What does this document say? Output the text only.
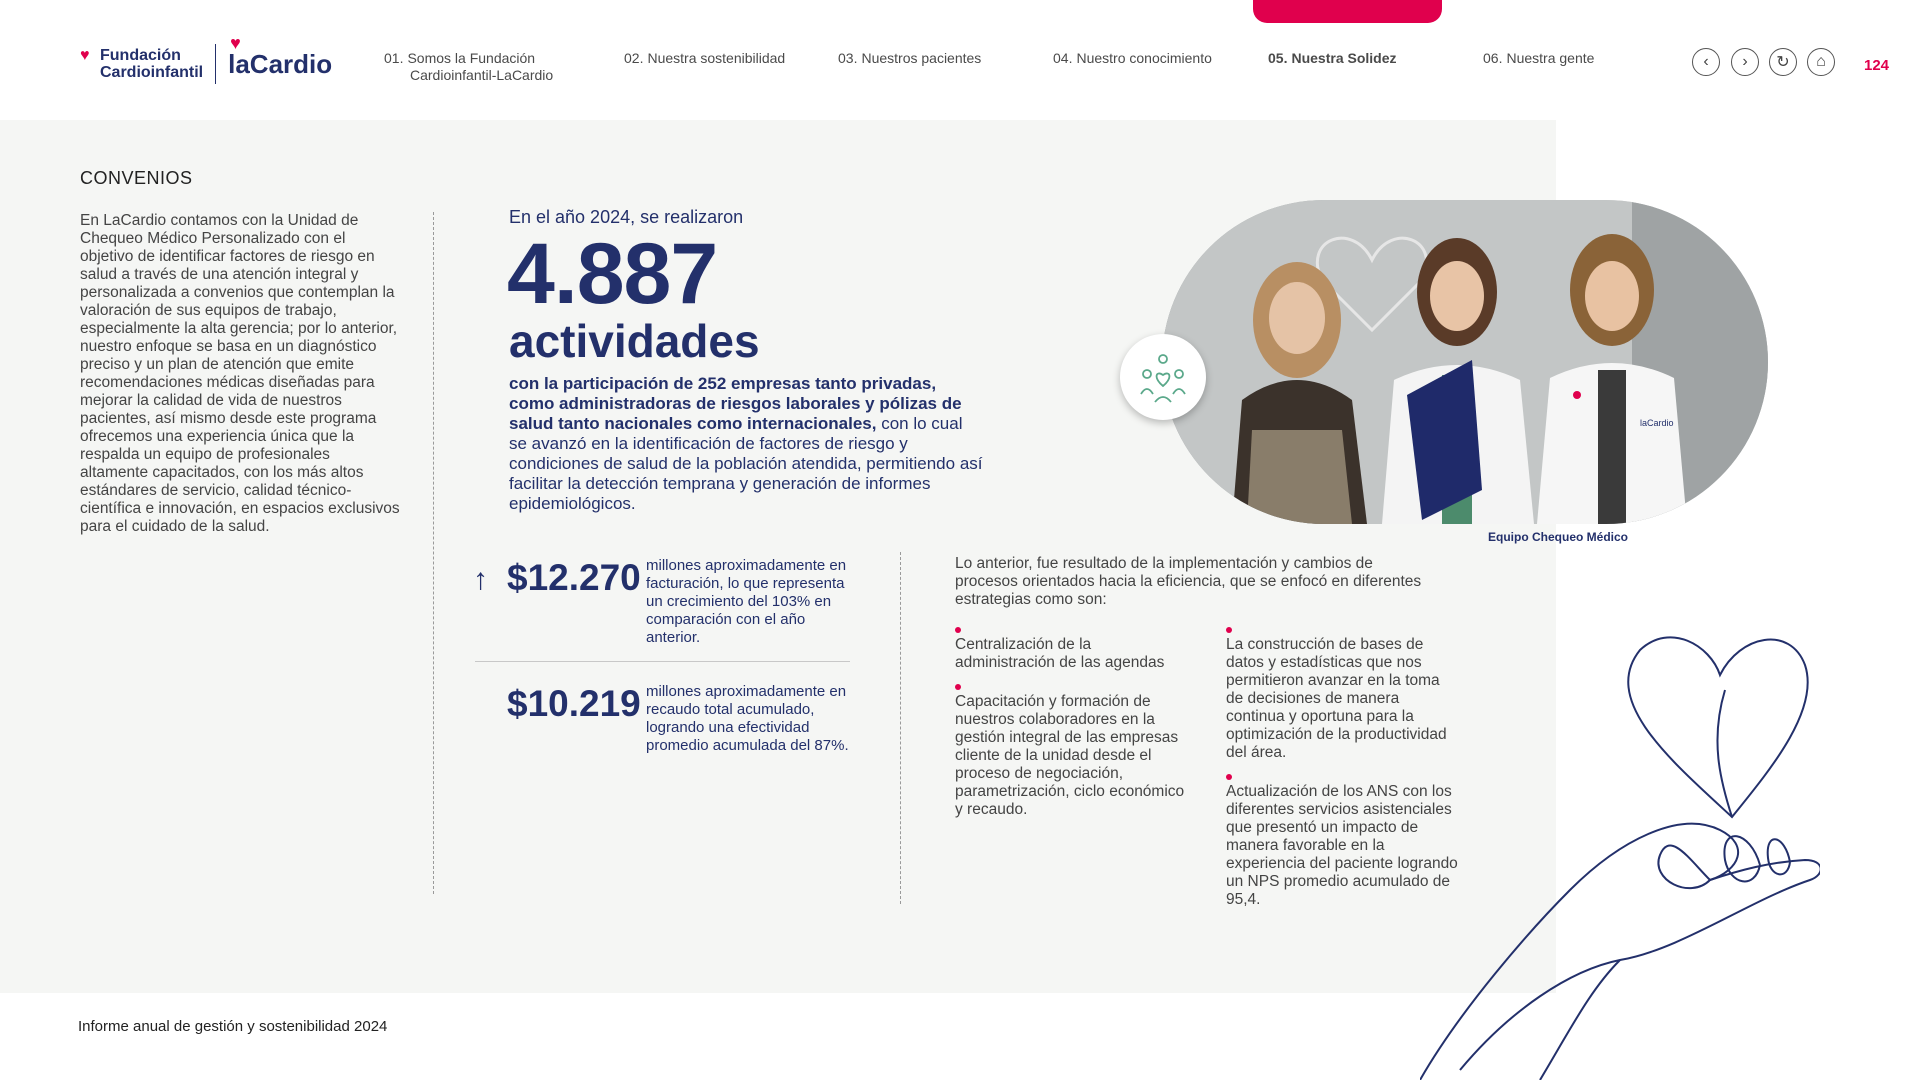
♥ Fundación
Cardioinfantil
♥
laCardio	01. Somos la Fundación
Cardioinfantil-LaCardio
02. Nuestra sostenibilidad	03. Nuestros pacientes	04. Nuestro conocimiento	05. Nuestra Solidez	06. Nuestra gente	‹	›	↻	⌂	124
CONVENIOS
En LaCardio contamos con la Unidad de Chequeo Médico Personalizado con el objetivo de identificar factores de riesgo en salud a través de una atención integral y personalizada a convenios que contemplan la valoración de sus equipos de trabajo, especialmente la alta gerencia; por lo anterior, nuestro enfoque se basa en un diagnóstico preciso y un plan de atención que emite recomendaciones médicas diseñadas para mejorar la calidad de vida de nuestros pacientes, así mismo desde este programa ofrecemos una experiencia única que la respalda un equipo de profesionales altamente capacitados, con los más altos estándares de servicio, calidad técnico-científica e innovación, en espacios exclusivos para el cuidado de la salud.
En el año 2024, se realizaron
4.887
actividades
con la participación de 252 empresas tanto privadas, como administradoras de riesgos laborales y pólizas de salud tanto nacionales como internacionales, con lo cual se avanzó en la identificación de factores de riesgo y condiciones de salud de la población atendida, permitiendo así facilitar la detección temprana y generación de informes epidemiológicos.
↑ $12.270 millones aproximadamente en facturación, lo que representa un crecimiento del 103% en comparación con el año anterior.
$10.219 millones aproximadamente en recaudo total acumulado, logrando una efectividad promedio acumulada del 87%.
Lo anterior, fue resultado de la implementación y cambios de procesos orientados hacia la eficiencia, que se enfocó en diferentes estrategias como son:
Centralización de la administración de las agendas
Capacitación y formación de nuestros colaboradores en la gestión integral de las empresas cliente de la unidad desde el proceso de negociación, parametrización, ciclo económico y recaudo.
La construcción de bases de datos y estadísticas que nos permitieron avanzar en la toma de decisiones de manera continua y oportuna para la optimización de la productividad del área.
Actualización de los ANS con los diferentes servicios asistenciales que presentó un impacto de manera favorable en la experiencia del paciente logrando un NPS promedio acumulado de 95,4.
laCardio
Equipo Chequeo Médico
Informe anual de gestión y sostenibilidad 2024
